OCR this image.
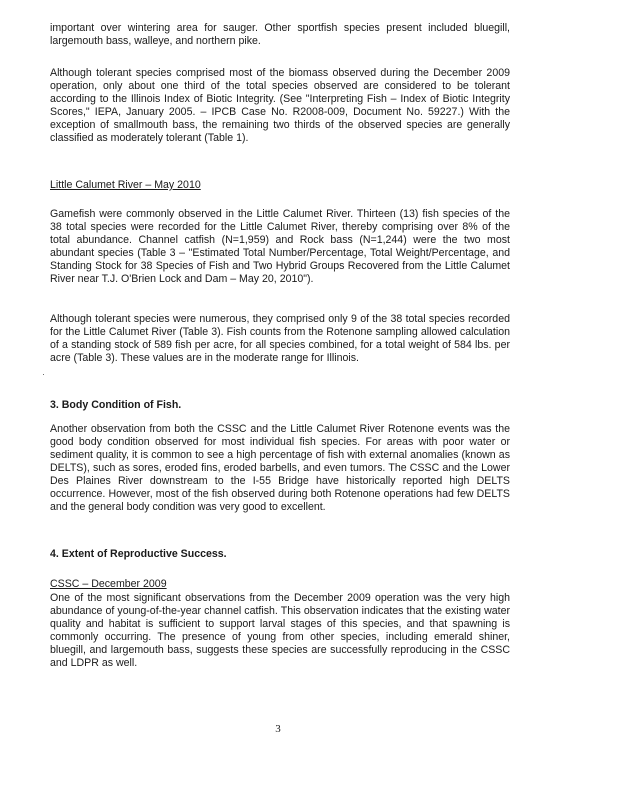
important over wintering area for sauger. Other sportfish species present included bluegill, largemouth bass, walleye, and northern pike.

Although tolerant species comprised most of the biomass observed during the December 2009 operation, only about one third of the total species observed are considered to be tolerant according to the Illinois Index of Biotic Integrity. (See "Interpreting Fish – Index of Biotic Integrity Scores," IEPA, January 2005. – IPCB Case No. R2008-009, Document No. 59227.) With the exception of smallmouth bass, the remaining two thirds of the observed species are generally classified as moderately tolerant (Table 1).

Little Calumet River – May 2010

Gamefish were commonly observed in the Little Calumet River. Thirteen (13) fish species of the 38 total species were recorded for the Little Calumet River, thereby comprising over 8% of the total abundance. Channel catfish (N=1,959) and Rock bass (N=1,244) were the two most abundant species (Table 3 – "Estimated Total Number/Percentage, Total Weight/Percentage, and Standing Stock for 38 Species of Fish and Two Hybrid Groups Recovered from the Little Calumet River near T.J. O'Brien Lock and Dam – May 20, 2010").

Although tolerant species were numerous, they comprised only 9 of the 38 total species recorded for the Little Calumet River (Table 3). Fish counts from the Rotenone sampling allowed calculation of a standing stock of 589 fish per acre, for all species combined, for a total weight of 584 lbs. per acre (Table 3). These values are in the moderate range for Illinois.

·

3. Body Condition of Fish.

Another observation from both the CSSC and the Little Calumet River Rotenone events was the good body condition observed for most individual fish species. For areas with poor water or sediment quality, it is common to see a high percentage of fish with external anomalies (known as DELTS), such as sores, eroded fins, eroded barbells, and even tumors. The CSSC and the Lower Des Plaines River downstream to the I-55 Bridge have historically reported high DELTS occurrence. However, most of the fish observed during both Rotenone operations had few DELTS and the general body condition was very good to excellent.

4. Extent of Reproductive Success.

CSSC – December 2009

One of the most significant observations from the December 2009 operation was the very high abundance of young-of-the-year channel catfish. This observation indicates that the existing water quality and habitat is sufficient to support larval stages of this species, and that spawning is commonly occurring. The presence of young from other species, including emerald shiner, bluegill, and largemouth bass, suggests these species are successfully reproducing in the CSSC and LDPR as well.

3
